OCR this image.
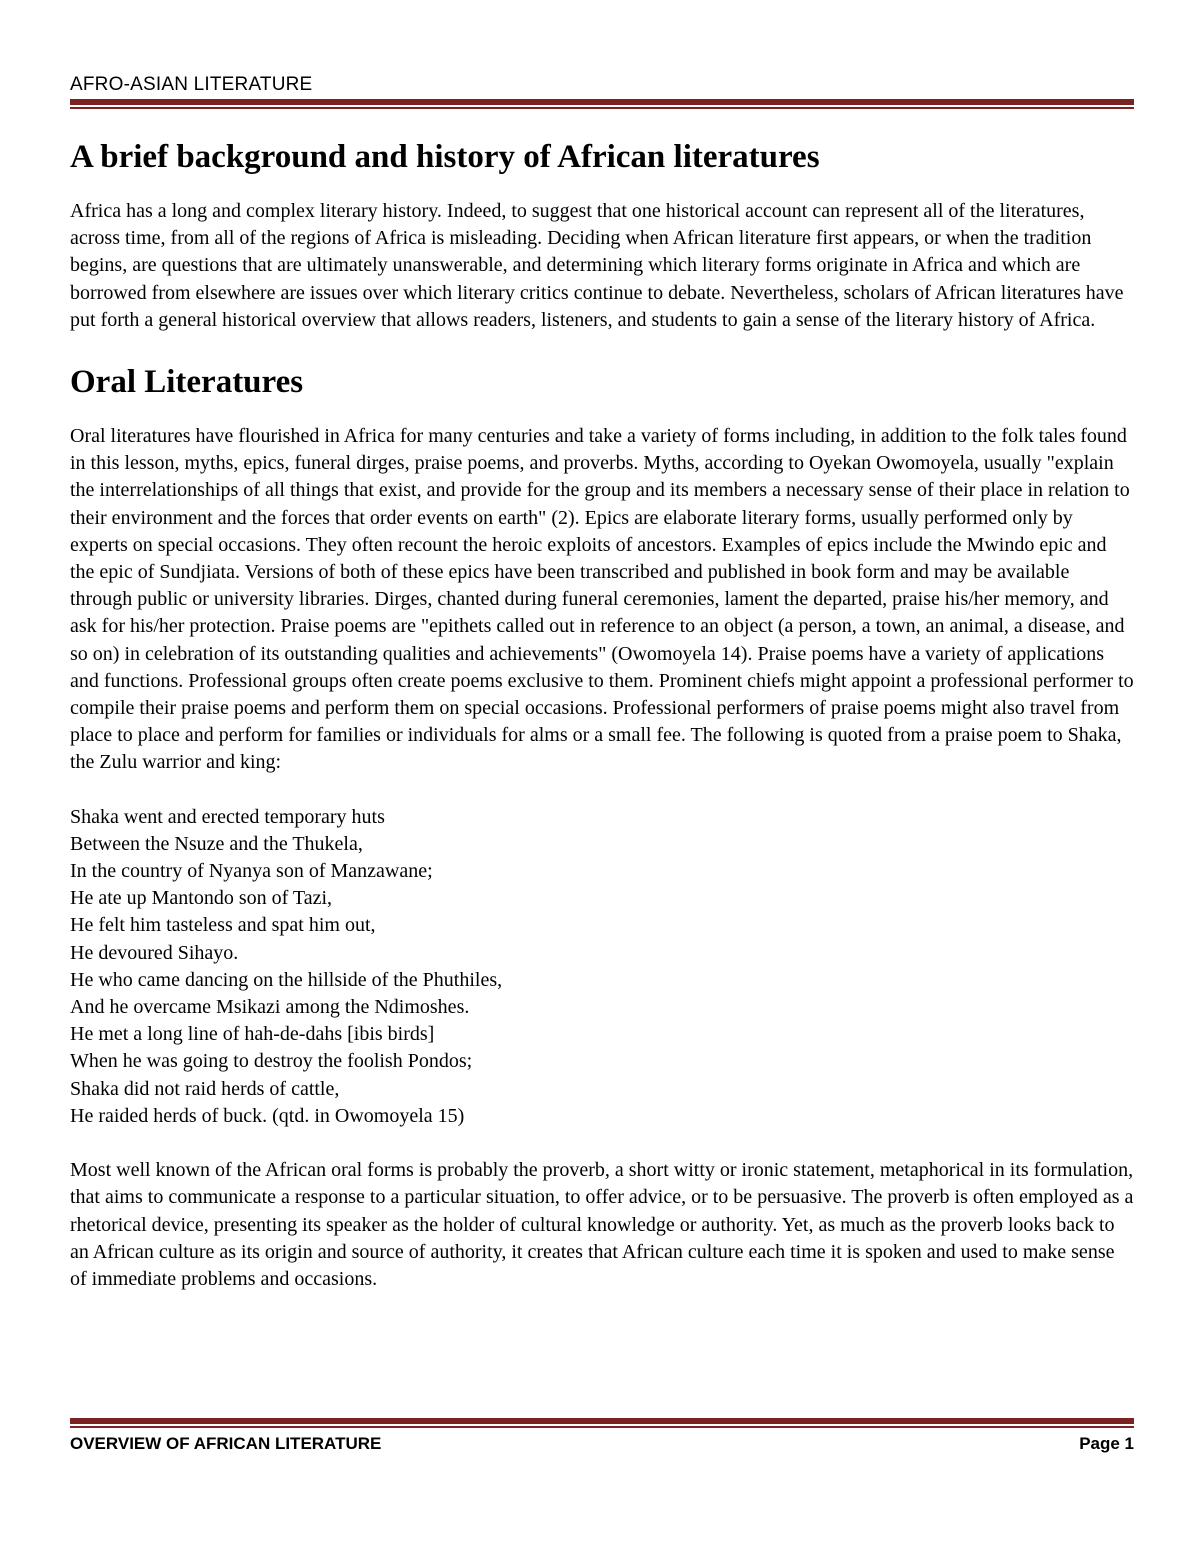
AFRO-ASIAN LITERATURE
A brief background and history of African literatures

Africa has a long and complex literary history. Indeed, to suggest that one historical account can represent all of the literatures, across time, from all of the regions of Africa is misleading. Deciding when African literature first appears, or when the tradition begins, are questions that are ultimately unanswerable, and determining which literary forms originate in Africa and which are borrowed from elsewhere are issues over which literary critics continue to debate. Nevertheless, scholars of African literatures have put forth a general historical overview that allows readers, listeners, and students to gain a sense of the literary history of Africa.

Oral Literatures

Oral literatures have flourished in Africa for many centuries and take a variety of forms including, in addition to the folk tales found in this lesson, myths, epics, funeral dirges, praise poems, and proverbs. Myths, according to Oyekan Owomoyela, usually "explain the interrelationships of all things that exist, and provide for the group and its members a necessary sense of their place in relation to their environment and the forces that order events on earth" (2). Epics are elaborate literary forms, usually performed only by experts on special occasions. They often recount the heroic exploits of ancestors. Examples of epics include the Mwindo epic and the epic of Sundjiata. Versions of both of these epics have been transcribed and published in book form and may be available through public or university libraries. Dirges, chanted during funeral ceremonies, lament the departed, praise his/her memory, and ask for his/her protection. Praise poems are "epithets called out in reference to an object (a person, a town, an animal, a disease, and so on) in celebration of its outstanding qualities and achievements" (Owomoyela 14). Praise poems have a variety of applications and functions. Professional groups often create poems exclusive to them. Prominent chiefs might appoint a professional performer to compile their praise poems and perform them on special occasions. Professional performers of praise poems might also travel from place to place and perform for families or individuals for alms or a small fee. The following is quoted from a praise poem to Shaka, the Zulu warrior and king:

Shaka went and erected temporary huts
Between the Nsuze and the Thukela,
In the country of Nyanya son of Manzawane;
He ate up Mantondo son of Tazi,
He felt him tasteless and spat him out,
He devoured Sihayo.
He who came dancing on the hillside of the Phuthiles,
And he overcame Msikazi among the Ndimoshes.
He met a long line of hah-de-dahs [ibis birds]
When he was going to destroy the foolish Pondos;
Shaka did not raid herds of cattle,
He raided herds of buck. (qtd. in Owomoyela 15)

Most well known of the African oral forms is probably the proverb, a short witty or ironic statement, metaphorical in its formulation, that aims to communicate a response to a particular situation, to offer advice, or to be persuasive. The proverb is often employed as a rhetorical device, presenting its speaker as the holder of cultural knowledge or authority. Yet, as much as the proverb looks back to an African culture as its origin and source of authority, it creates that African culture each time it is spoken and used to make sense of immediate problems and occasions.

OVERVIEW OF AFRICAN LITERATURE	Page 1
